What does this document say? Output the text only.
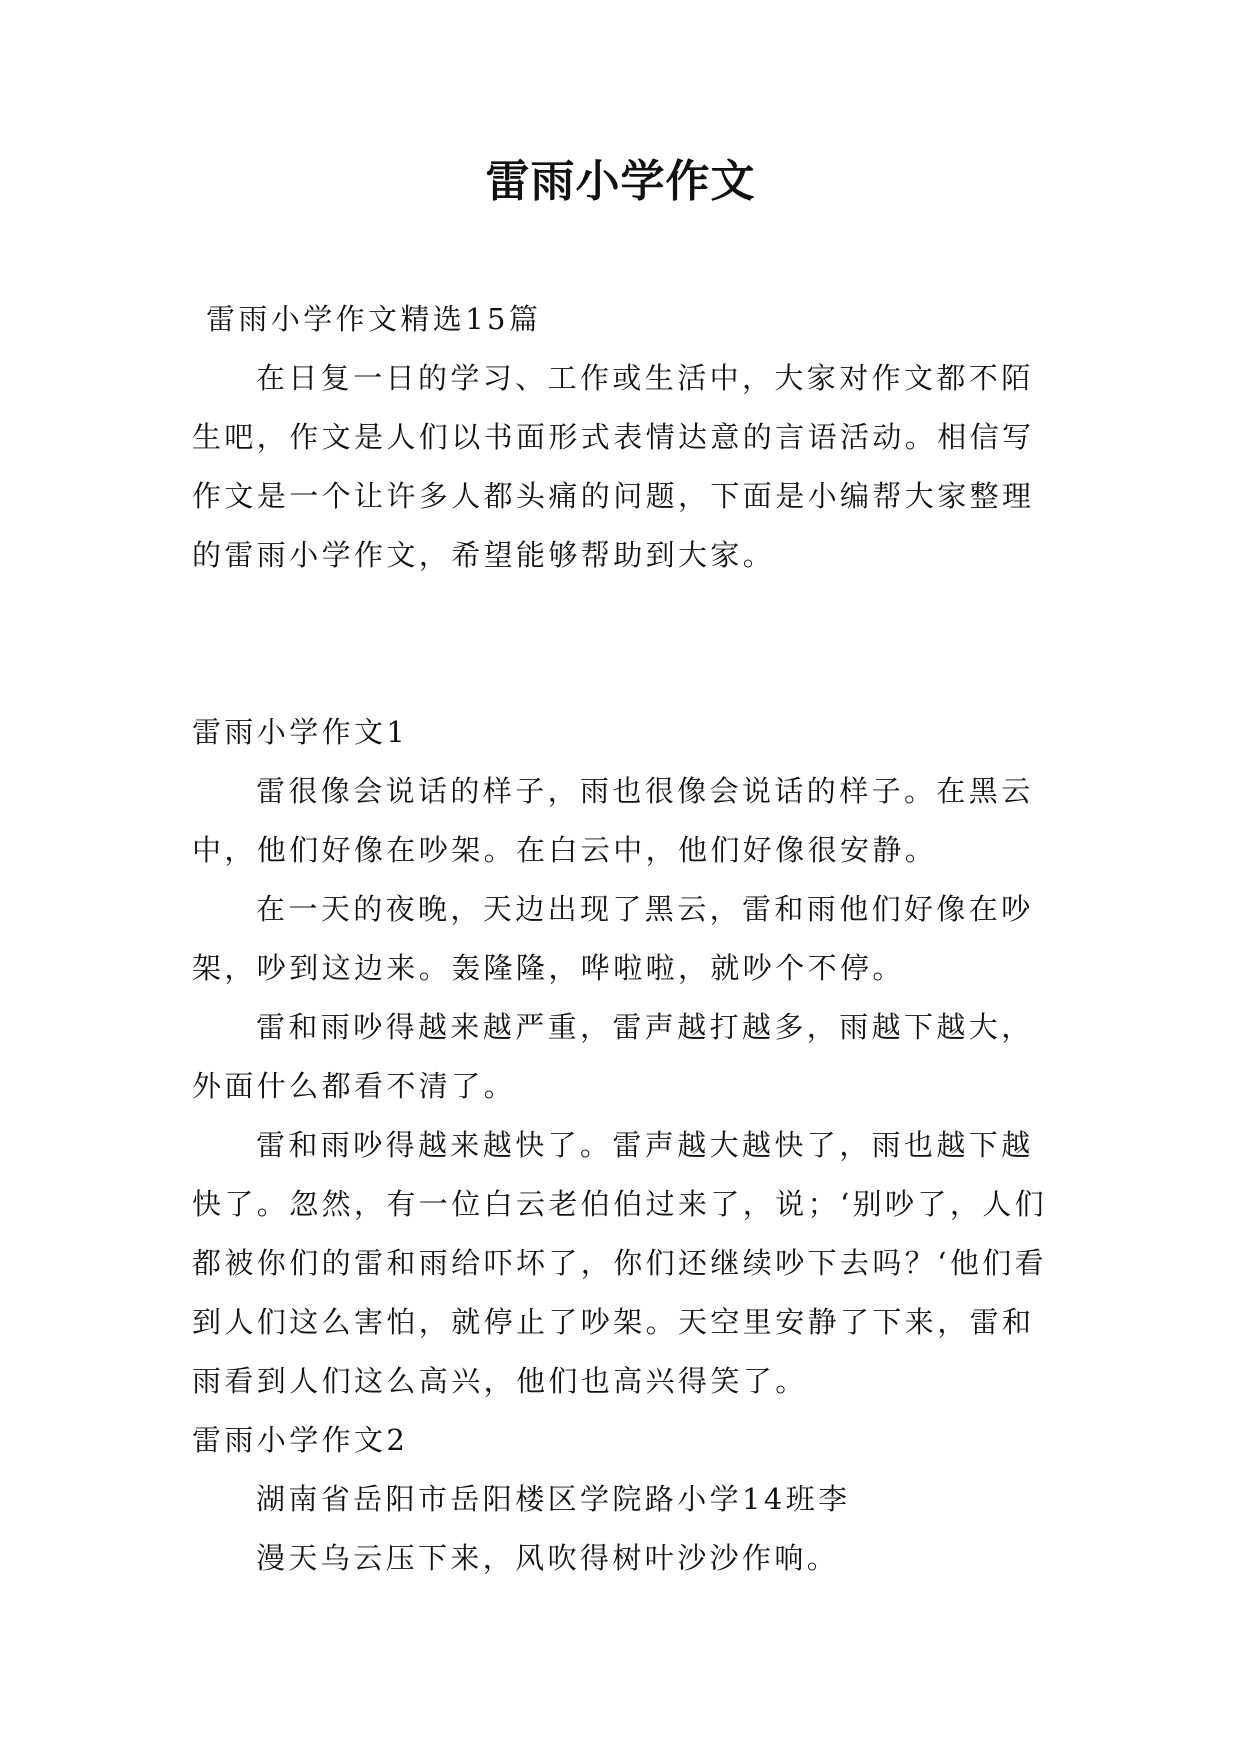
雷雨小学作文

雷雨小学作文精选15篇

在日复一日的学习、工作或生活中，大家对作文都不陌生吧，作文是人们以书面形式表情达意的言语活动。相信写作文是一个让许多人都头痛的问题，下面是小编帮大家整理的雷雨小学作文，希望能够帮助到大家。

雷雨小学作文1

雷很像会说话的样子，雨也很像会说话的样子。在黑云中，他们好像在吵架。在白云中，他们好像很安静。

在一天的夜晚，天边出现了黑云，雷和雨他们好像在吵架，吵到这边来。轰隆隆，哗啦啦，就吵个不停。

雷和雨吵得越来越严重，雷声越打越多，雨越下越大，外面什么都看不清了。

雷和雨吵得越来越快了。雷声越大越快了，雨也越下越快了。忽然，有一位白云老伯伯过来了，说；‘别吵了，人们都被你们的雷和雨给吓坏了，你们还继续吵下去吗？‘他们看到人们这么害怕，就停止了吵架。天空里安静了下来，雷和雨看到人们这么高兴，他们也高兴得笑了。

雷雨小学作文2

湖南省岳阳市岳阳楼区学院路小学14班李

漫天乌云压下来，风吹得树叶沙沙作响。
